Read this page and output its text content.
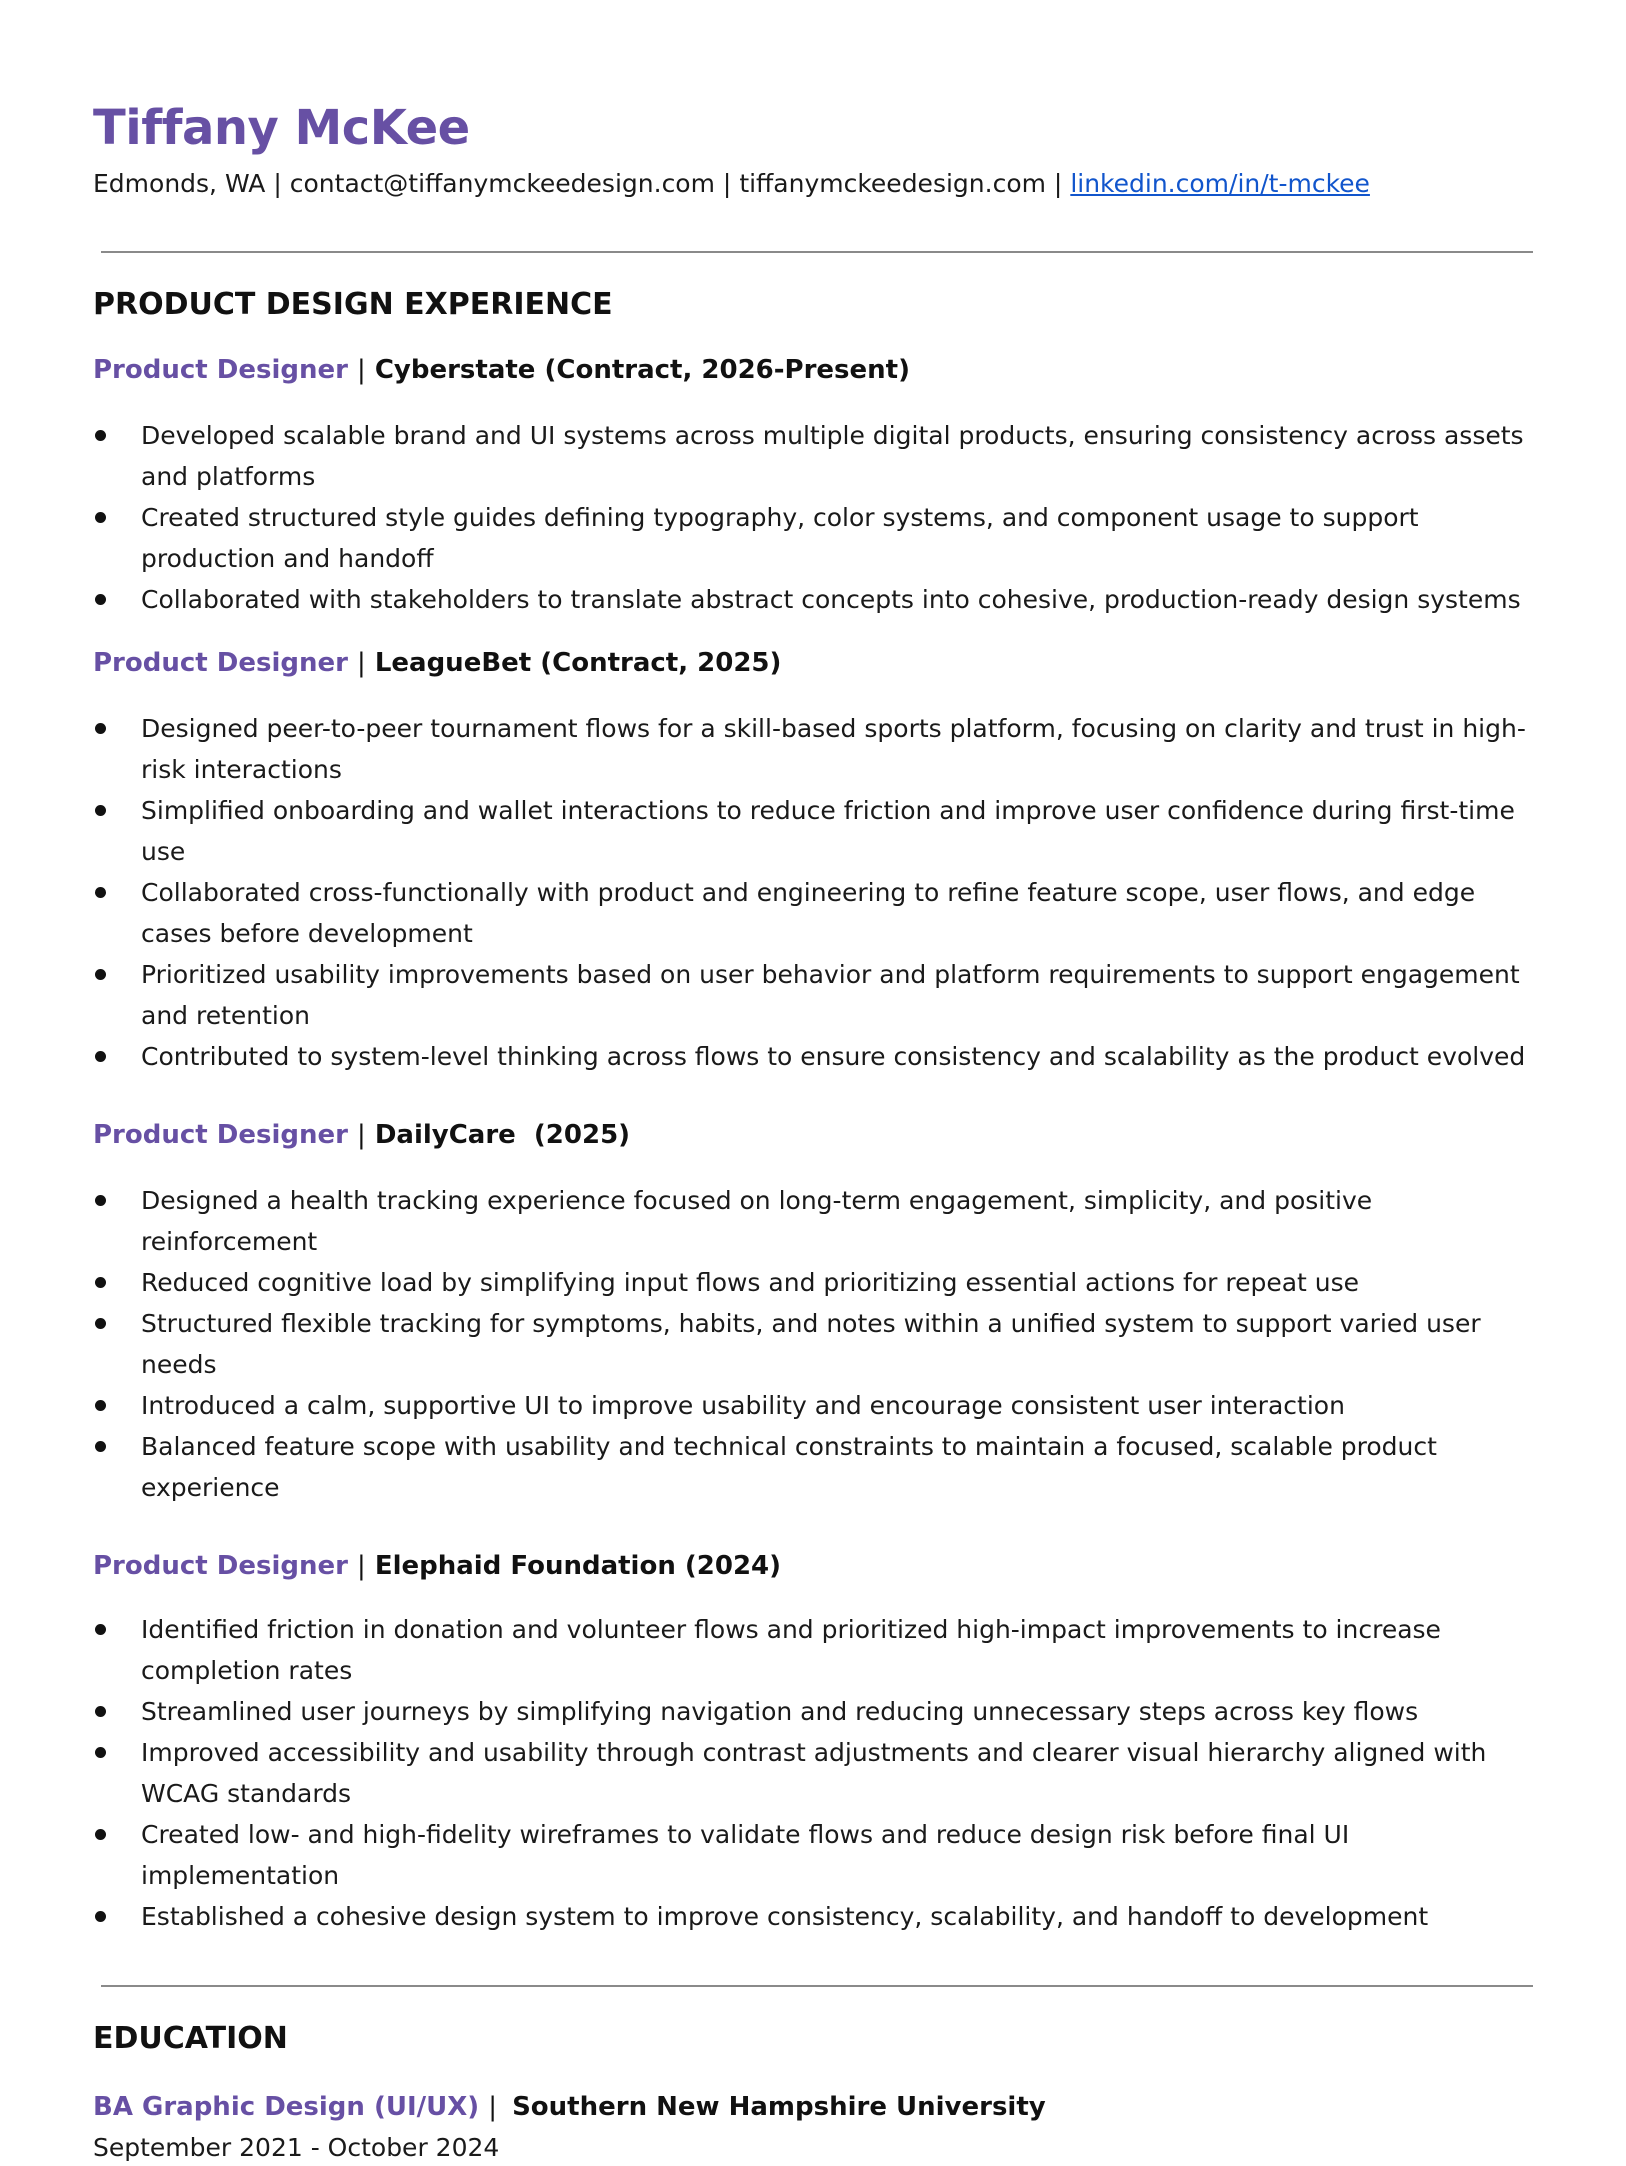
Tiffany McKee
Edmonds, WA | contact@tiffanymckeedesign.com | tiffanymckeedesign.com | linkedin.com/in/t-mckee
PRODUCT DESIGN EXPERIENCE
Product Designer | Cyberstate (Contract, 2026-Present)
Developed scalable brand and UI systems across multiple digital products, ensuring consistency across assets and platforms
Created structured style guides defining typography, color systems, and component usage to support production and handoff
Collaborated with stakeholders to translate abstract concepts into cohesive, production-ready design systems
Product Designer | LeagueBet (Contract, 2025)
Designed peer-to-peer tournament flows for a skill-based sports platform, focusing on clarity and trust in high-risk interactions
Simplified onboarding and wallet interactions to reduce friction and improve user confidence during first-time use
Collaborated cross-functionally with product and engineering to refine feature scope, user flows, and edge cases before development
Prioritized usability improvements based on user behavior and platform requirements to support engagement and retention
Contributed to system-level thinking across flows to ensure consistency and scalability as the product evolved
Product Designer | DailyCare  (2025)
Designed a health tracking experience focused on long-term engagement, simplicity, and positive reinforcement
Reduced cognitive load by simplifying input flows and prioritizing essential actions for repeat use
Structured flexible tracking for symptoms, habits, and notes within a unified system to support varied user needs
Introduced a calm, supportive UI to improve usability and encourage consistent user interaction
Balanced feature scope with usability and technical constraints to maintain a focused, scalable product experience
Product Designer | Elephaid Foundation (2024)
Identified friction in donation and volunteer flows and prioritized high-impact improvements to increase completion rates
Streamlined user journeys by simplifying navigation and reducing unnecessary steps across key flows
Improved accessibility and usability through contrast adjustments and clearer visual hierarchy aligned with WCAG standards
Created low- and high-fidelity wireframes to validate flows and reduce design risk before final UI implementation
Established a cohesive design system to improve consistency, scalability, and handoff to development
EDUCATION
BA Graphic Design (UI/UX) | Southern New Hampshire University
September 2021 - October 2024
